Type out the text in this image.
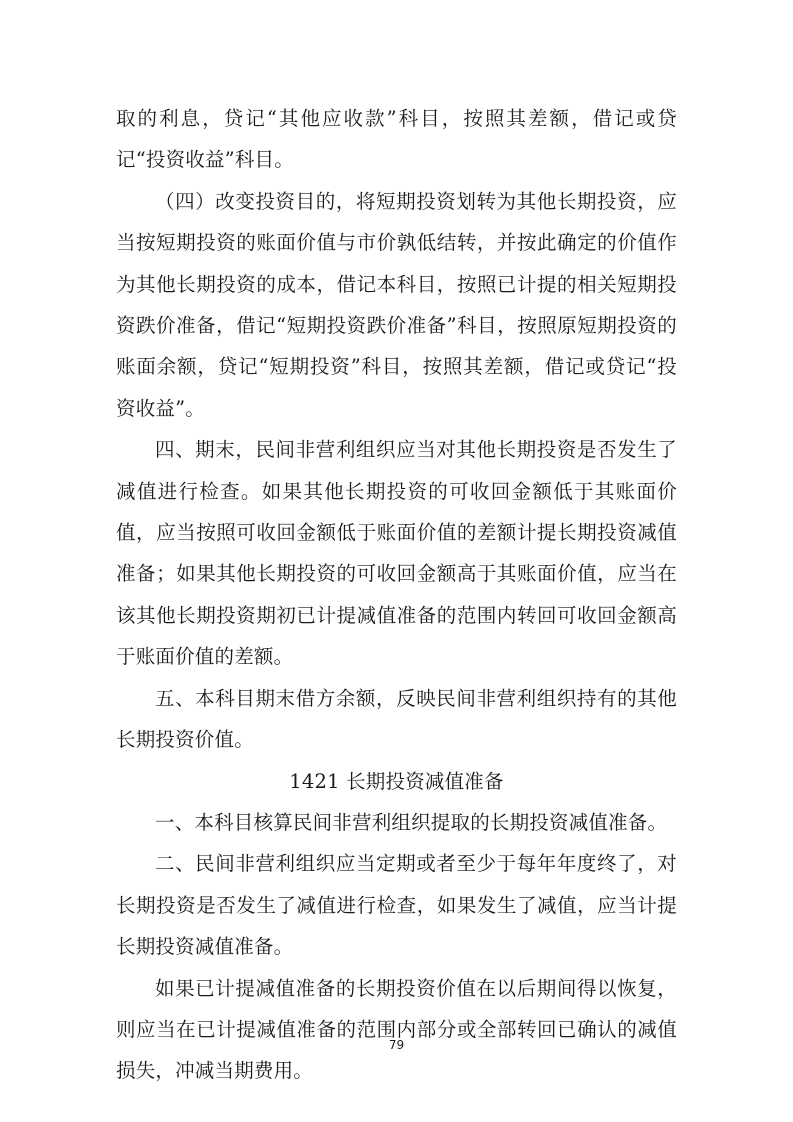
取的利息，贷记“其他应收款”科目，按照其差额，借记或贷记“投资收益”科目。

（四）改变投资目的，将短期投资划转为其他长期投资，应当按短期投资的账面价值与市价孰低结转，并按此确定的价值作为其他长期投资的成本，借记本科目，按照已计提的相关短期投资跌价准备，借记“短期投资跌价准备”科目，按照原短期投资的账面余额，贷记“短期投资”科目，按照其差额，借记或贷记“投资收益”。

四、期末，民间非营利组织应当对其他长期投资是否发生了减值进行检查。如果其他长期投资的可收回金额低于其账面价值，应当按照可收回金额低于账面价值的差额计提长期投资减值准备；如果其他长期投资的可收回金额高于其账面价值，应当在该其他长期投资期初已计提减值准备的范围内转回可收回金额高于账面价值的差额。

五、本科目期末借方余额，反映民间非营利组织持有的其他长期投资价值。

1421 长期投资减值准备

一、本科目核算民间非营利组织提取的长期投资减值准备。

二、民间非营利组织应当定期或者至少于每年年度终了，对长期投资是否发生了减值进行检查，如果发生了减值，应当计提长期投资减值准备。

如果已计提减值准备的长期投资价值在以后期间得以恢复，则应当在已计提减值准备的范围内部分或全部转回已确认的减值损失，冲减当期费用。

79
